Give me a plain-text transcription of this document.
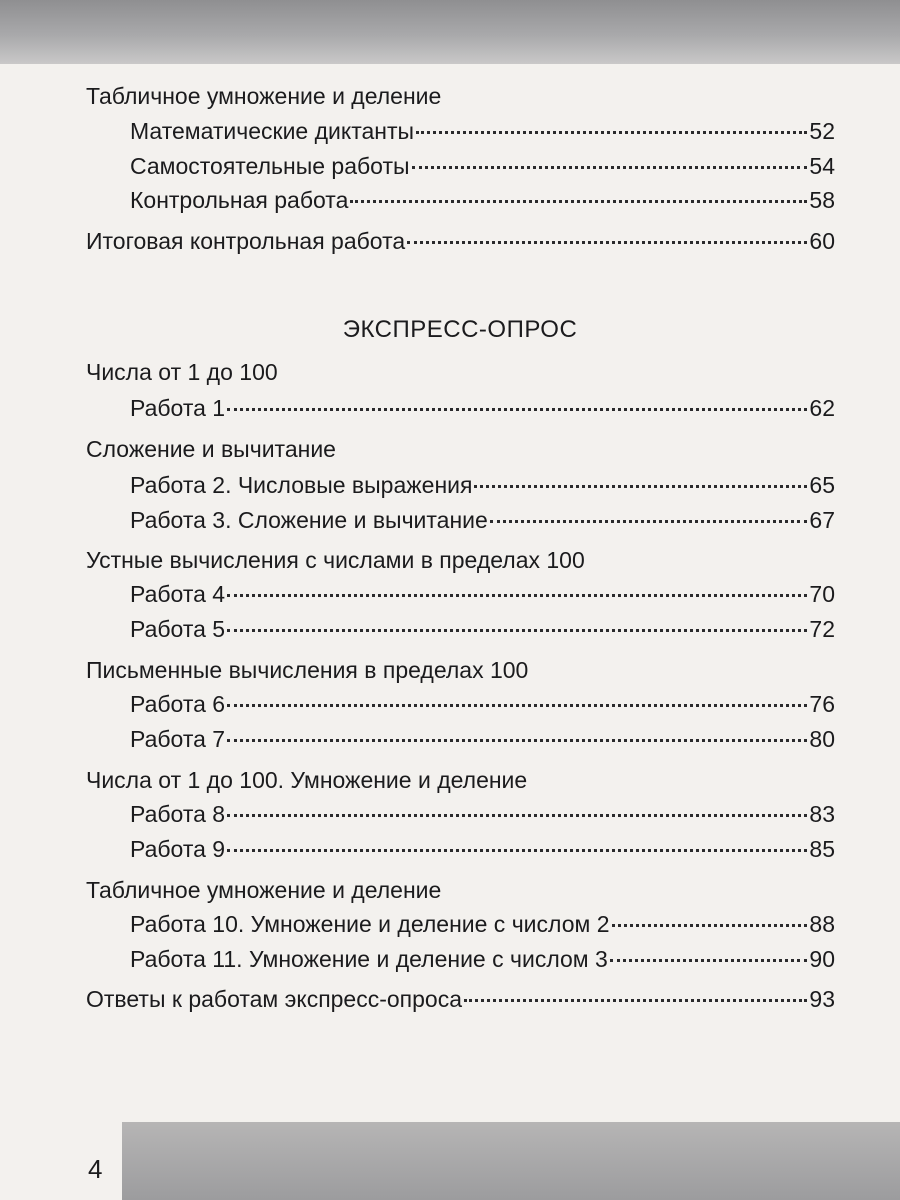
Табличное умножение и деление
Математические диктанты	52
Самостоятельные работы	54
Контрольная работа	58
Итоговая контрольная работа	60
ЭКСПРЕСС-ОПРОС
Числа от 1 до 100
Работа 1	62
Сложение и вычитание
Работа 2. Числовые выражения	65
Работа 3. Сложение и вычитание	67
Устные вычисления с числами в пределах 100
Работа 4	70
Работа 5	72
Письменные вычисления в пределах 100
Работа 6	76
Работа 7	80
Числа от 1 до 100. Умножение и деление
Работа 8	83
Работа 9	85
Табличное умножение и деление
Работа 10. Умножение и деление с числом 2	88
Работа 11. Умножение и деление с числом 3	90
Ответы к работам экспресс-опроса	93
4
